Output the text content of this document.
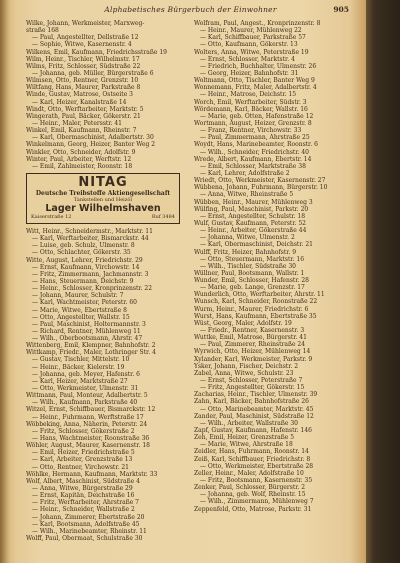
Alphabetisches Bürgerbuch der Einwohner	905
Wilke, Johann, Werkmeister, Marxweg-
straße 168
— Paul, Angestellter, Dellstraße 12
— Sophie, Witwe, Kasernenstr. 4
Wilkens, Emil, Kaufmann, Friedrichsstraße 19
Wilm, Heinr., Tischler, Wilhelmstr. 17
Wilms, Fritz, Schlosser, Südstraße 22
— Johanna, geb. Müller, Bürgerstraße 6
Wilmsen, Otto, Rentner, Grenzstr. 10
Wiltfang, Hans, Maurer, Parkstraße 8
Winde, Gustav, Matrose, Ostseite 3
— Karl, Heizer, Kanalstraße 14
Windt, Otto, Werftarbeiter, Marktstr. 5
Wingerath, Paul, Bäcker, Gökerstr. 21
— Heinr., Maler, Petersstr. 41
Winkel, Emil, Kaufmann, Rheinstr. 7
— Karl, Obermaschinist, Adalbertstr. 30
Winkelmann, Georg, Heizer, Banter Weg 2
Winkler, Otto, Schneider, Adolfstr. 9
Winter, Paul, Arbeiter, Werftstr. 12
— Emil, Zahlmeister, Roonstr. 18
NITAG
Deutsche Treibstoffe Aktiengesellschaft
Tankstellen und Heizöl
Lager Wilhelmshaven
Kaiserstraße 12	Ruf 3484
Witt, Heinr., Schneidermstr., Marktstr. 11
— Karl, Werftarbeiter, Bismarckstr. 44
— Luise, geb. Schulz, Ulmenstr. 8
— Otto, Schlachter, Gökerstr. 35
Witte, August, Lehrer, Friedrichstr. 29
— Ernst, Kaufmann, Virchowstr. 14
— Fritz, Zimmermann, Jachmannstr. 3
— Hans, Steuermann, Deichstr. 9
— Heinr., Schlosser, Kronprinzenstr. 22
— Johann, Maurer, Schulstr. 7
— Karl, Wachtmeister, Peterstr. 60
— Marie, Witwe, Ebertstraße 8
— Otto, Angestellter, Wallstr. 15
— Paul, Maschinist, Holtermannstr. 3
— Richard, Rentner, Mühlenweg 11
— Wilh., Oberbootsmann, Ahrstr. 47
Wittenberg, Emil, Klempner, Bahnhofstr. 2
Wittkamp, Friedr., Maler, Lothringer Str. 4
— Gustav, Tischler, Mittelstr. 10
— Heinr., Bäcker, Kielerstr. 19
— Johanna, geb. Meyer, Hafenstr. 6
— Karl, Heizer, Marktstraße 27
— Otto, Werkmeister, Ulmenstr. 31
Wittmann, Paul, Monteur, Adalbertstr. 5
— Wilh., Kaufmann, Parkstraße 40
Witzel, Ernst, Schiffbauer, Bismarckstr. 12
— Heinr., Fuhrmann, Werftstraße 17
Wöbbeking, Anna, Näherin, Peterstr. 24
— Fritz, Schlosser, Gökerstraße 2
— Hans, Wachtmeister, Roonstraße 36
Wöhler, August, Maurer, Kasernenstr. 18
— Emil, Heizer, Friedrichstraße 5
— Karl, Arbeiter, Grenzstraße 13
— Otto, Rentner, Virchowstr. 21
Wöhlke, Hermann, Kaufmann, Marktstr. 33
Wolf, Albert, Maschinist, Südstraße 4
— Anna, Witwe, Bürgerstraße 29
— Ernst, Kapitän, Deichstraße 16
— Fritz, Werftarbeiter, Ahrstraße 7
— Heinr., Schneider, Wallstraße 2
— Johann, Zimmerer, Ebertstraße 20
— Karl, Bootsmann, Adolfstraße 45
— Wilh., Marinebeamter, Rheinstr. 11
Wolff, Paul, Obermaat, Schulstraße 30
Wolfram, Paul, Angest., Kronprinzenstr. 8
— Heinr., Maurer, Mühlenweg 22
— Karl, Schiffbauer, Parkstraße 57
— Otto, Kaufmann, Gökerstr. 13
Wolters, Anna, Witwe, Peterstraße 19
— Ernst, Schlosser, Marktstr. 4
— Friedrich, Buchhalter, Ulmenstr. 26
— Georg, Heizer, Bahnhofstr. 31
Woltmann, Otto, Tischler, Banter Weg 9
Wonnemann, Fritz, Maler, Adalbertstr. 4
— Heinr., Matrose, Deichstr. 15
Worch, Emil, Werftarbeiter, Südstr. 3
Wördemann, Karl, Bäcker, Wallstr. 16
— Marie, geb. Otten, Hafenstraße 12
Wortmann, August, Heizer, Grenzstr. 8
— Franz, Rentner, Virchowstr. 33
— Paul, Zimmermann, Ahrstraße 25
Woydt, Hans, Marinebeamter, Roonstr. 6
— Wilh., Schneider, Friedrichstr. 40
Wrede, Albert, Kaufmann, Ebertstr. 14
— Emil, Schlosser, Marktstraße 38
— Karl, Lehrer, Adolfstraße 2
Wriedt, Otto, Werkmeister, Kasernenstr. 27
Wübbena, Johann, Fuhrmann, Bürgerstr. 10
— Anna, Witwe, Rheinstraße 5
Wübben, Heinr., Maurer, Mühlenweg 3
Wülfing, Paul, Maschinist, Parkstr. 20
— Ernst, Angestellter, Schulstr. 18
Wulf, Gustav, Kaufmann, Peterstr. 52
— Heinr., Arbeiter, Gökerstraße 44
— Johanna, Witwe, Ulmenstr. 2
— Karl, Obermaschinist, Deichstr. 21
Wulff, Fritz, Heizer, Bahnhofstr. 9
— Otto, Steuermann, Marktstr. 16
— Wilh., Tischler, Südstraße 30
Wüllner, Paul, Bootsmann, Wallstr. 1
Wunder, Emil, Schlosser, Hafenstr. 28
— Marie, geb. Lange, Grenzstr. 17
Wunderlich, Otto, Werftarbeiter, Ahrstr. 11
Wunsch, Karl, Schneider, Roonstraße 22
Wurm, Heinr., Maurer, Friedrichstr. 6
Wurst, Hans, Kaufmann, Ebertstraße 35
Wüst, Georg, Maler, Adolfstr. 19
— Friedr., Rentner, Kasernenstr. 3
Wuttke, Emil, Matrose, Bürgerstr. 41
— Paul, Zimmerer, Rheinstraße 24
Wyrwich, Otto, Heizer, Mühlenweg 14
Xylander, Karl, Werkmeister, Parkstr. 9
Ysker, Johann, Fischer, Deichstr. 2
Zabel, Anna, Witwe, Schulstr. 23
— Ernst, Schlosser, Peterstraße 7
— Fritz, Angestellter, Gökerstr. 15
Zacharias, Heinr., Tischler, Ulmenstr. 39
Zahn, Karl, Bäcker, Bahnhofstraße 26
— Otto, Marinebeamter, Marktstr. 45
Zander, Paul, Maschinist, Südstraße 12
— Wilh., Arbeiter, Wallstraße 30
Zapf, Gustav, Kaufmann, Hafenstr. 146
Zeh, Emil, Heizer, Grenzstraße 5
— Marie, Witwe, Ahrstraße 18
Zeidler, Hans, Fuhrmann, Roonstr. 14
Zeiß, Karl, Schiffbauer, Friedrichstr. 8
— Otto, Werkmeister, Ebertstraße 28
Zeller, Heinr., Maler, Adolfstraße 10
— Fritz, Bootsmann, Kasernenstr. 35
Zenker, Paul, Schlosser, Bürgerstr. 2
— Johanna, geb. Wolf, Rheinstr. 15
— Wilh., Zimmermann, Mühlenweg 7
Zeppenfeld, Otto, Matrose, Parkstr. 31
